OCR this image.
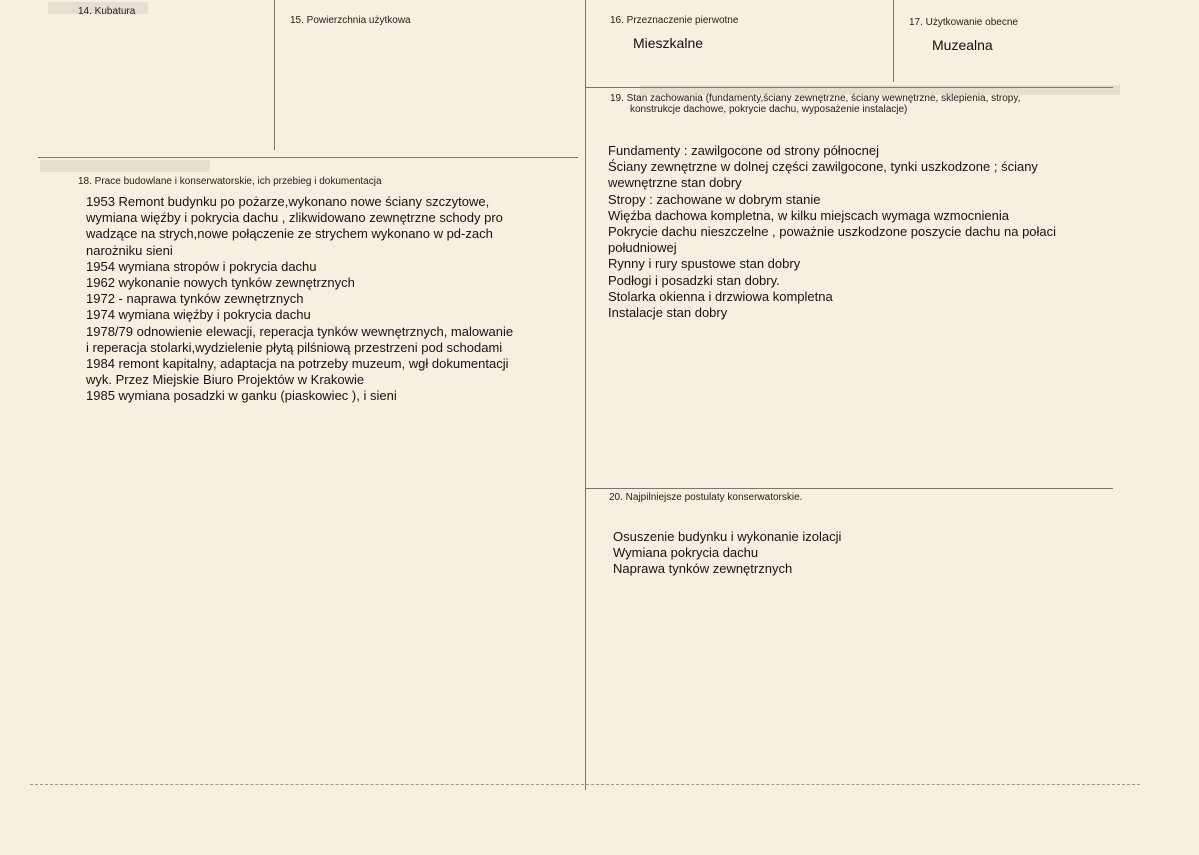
14. Kubatura
15. Powierzchnia użytkowa	16. Przeznaczenie pierwotne
Mieszkalne
17. Użytkowanie obecne
Muzealna
19. Stan zachowania (fundamenty,ściany zewnętrzne, ściany wewnętrzne, sklepienia, stropy,
konstrukcje dachowe, pokrycie dachu, wyposażenie instalacje)
Fundamenty : zawilgocone od strony północnej
Ściany zewnętrzne w dolnej części zawilgocone, tynki uszkodzone ; ściany
wewnętrzne stan dobry
Stropy : zachowane w dobrym stanie
Więźba dachowa kompletna, w kilku miejscach wymaga wzmocnienia
Pokrycie dachu nieszczelne , poważnie uszkodzone poszycie dachu na połaci
południowej
Rynny i rury spustowe stan dobry
Podłogi i posadzki stan dobry.
Stolarka okienna i drzwiowa kompletna
Instalacje stan dobry
18. Prace budowlane i konserwatorskie, ich przebieg i dokumentacja
1953 Remont budynku po pożarze,wykonano nowe ściany szczytowe,
wymiana więźby i pokrycia dachu , zlikwidowano zewnętrzne schody pro
wadzące na strych,nowe połączenie ze strychem wykonano w pd-zach
narożniku sieni
1954 wymiana stropów i pokrycia dachu
1962 wykonanie nowych tynków zewnętrznych
1972 - naprawa tynków zewnętrznych
1974 wymiana więźby i pokrycia dachu
1978/79 odnowienie elewacji, reperacja tynków wewnętrznych, malowanie
i reperacja stolarki,wydzielenie płytą pilśniową przestrzeni pod schodami
1984 remont kapitalny, adaptacja na potrzeby muzeum, wgł dokumentacji
wyk. Przez Miejskie Biuro Projektów w Krakowie
1985 wymiana posadzki w ganku (piaskowiec ), i sieni
20. Najpilniejsze postulaty konserwatorskie.
Osuszenie budynku i wykonanie izolacji
Wymiana pokrycia dachu
Naprawa tynków zewnętrznych
